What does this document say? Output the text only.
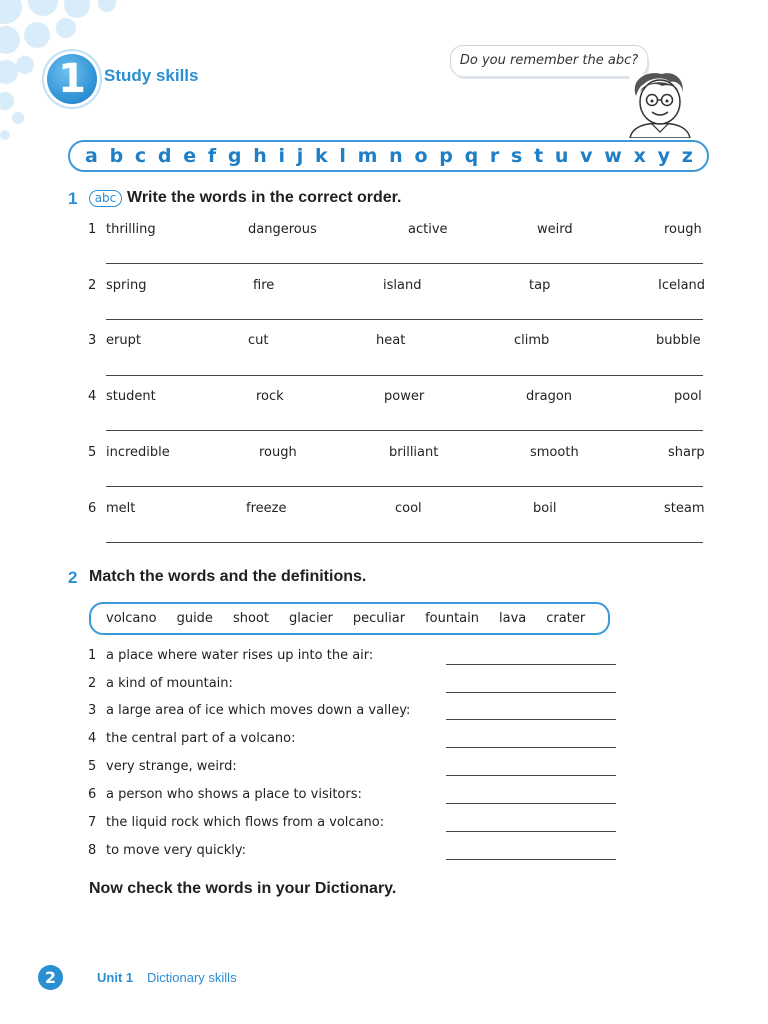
1	Study skills
Do you remember the abc?
a b c d e f g h i j k l m n o p q r s t u v w x y z
1	abc Write the words in the correct order.
1 thrilling	dangerous	active	weird	rough
2 spring	fire	island	tap	Iceland
3 erupt	cut	heat	climb	bubble
4 student	rock	power	dragon	pool
5 incredible	rough	brilliant	smooth	sharp
6 melt	freeze	cool	boil	steam
2 Match the words and the definitions.
volcano guide shoot glacier peculiar fountain lava crater
1 a place where water rises up into the air:
2 a kind of mountain:
3 a large area of ice which moves down a valley:
4 the central part of a volcano:
5 very strange, weird:
6 a person who shows a place to visitors:
7 the liquid rock which flows from a volcano:
8 to move very quickly:
Now check the words in your Dictionary.
2	Unit 1 Dictionary skills
